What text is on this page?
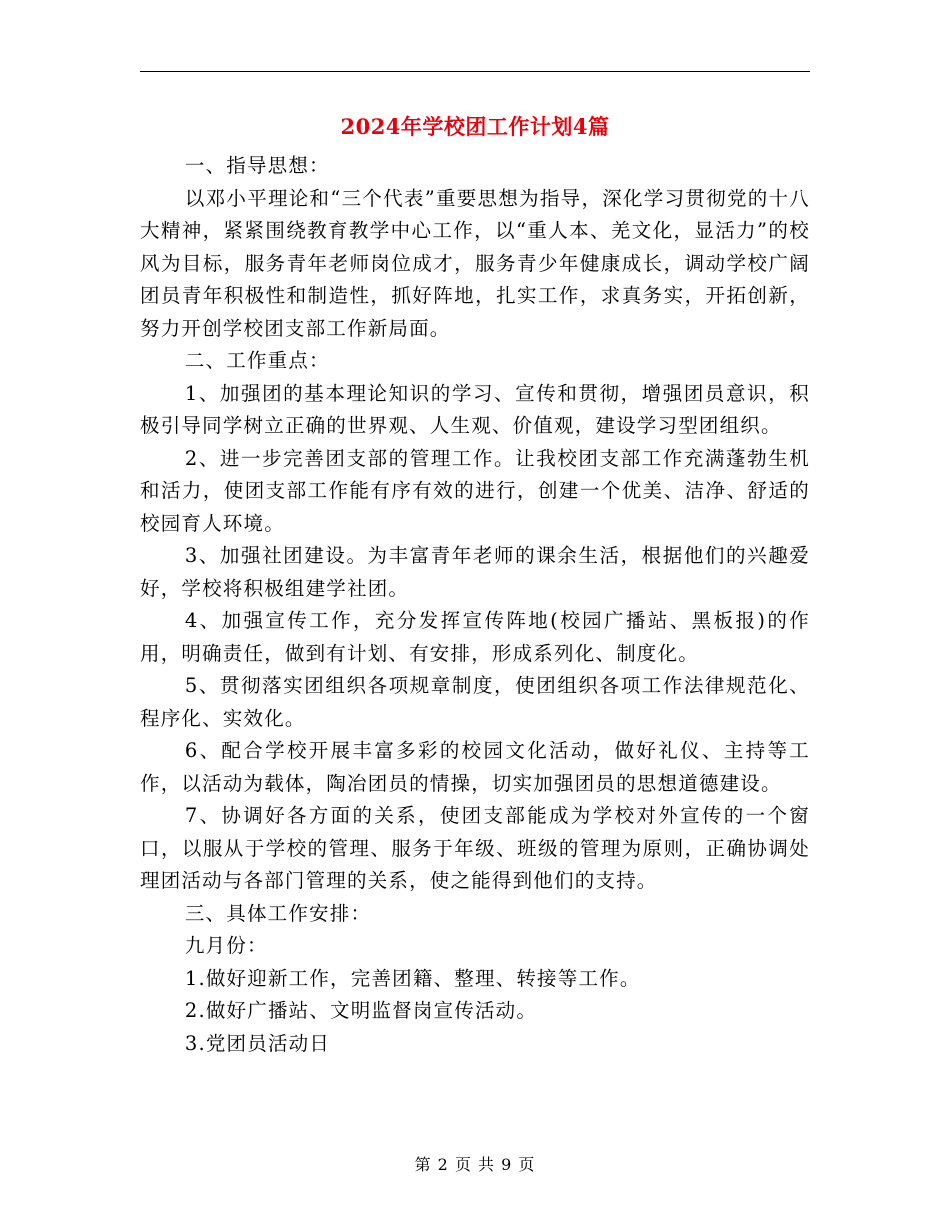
2024年学校团工作计划4篇

一、指导思想：

以邓小平理论和“三个代表”重要思想为指导，深化学习贯彻党的十八大精神，紧紧围绕教育教学中心工作，以“重人本、羌文化，显活力”的校风为目标，服务青年老师岗位成才，服务青少年健康成长，调动学校广阔团员青年积极性和制造性，抓好阵地，扎实工作，求真务实，开拓创新，努力开创学校团支部工作新局面。

二、工作重点：

1、加强团的基本理论知识的学习、宣传和贯彻，增强团员意识，积极引导同学树立正确的世界观、人生观、价值观，建设学习型团组织。

2、进一步完善团支部的管理工作。让我校团支部工作充满蓬勃生机和活力，使团支部工作能有序有效的进行，创建一个优美、洁净、舒适的校园育人环境。

3、加强社团建设。为丰富青年老师的课余生活，根据他们的兴趣爱好，学校将积极组建学社团。

4、加强宣传工作，充分发挥宣传阵地(校园广播站、黑板报)的作用，明确责任，做到有计划、有安排，形成系列化、制度化。

5、贯彻落实团组织各项规章制度，使团组织各项工作法律规范化、程序化、实效化。

6、配合学校开展丰富多彩的校园文化活动，做好礼仪、主持等工作，以活动为载体，陶冶团员的情操，切实加强团员的思想道德建设。

7、协调好各方面的关系，使团支部能成为学校对外宣传的一个窗口，以服从于学校的管理、服务于年级、班级的管理为原则，正确协调处理团活动与各部门管理的关系，使之能得到他们的支持。

三、具体工作安排：

九月份：

1.做好迎新工作，完善团籍、整理、转接等工作。

2.做好广播站、文明监督岗宣传活动。

3.党团员活动日

第 2 页 共 9 页
